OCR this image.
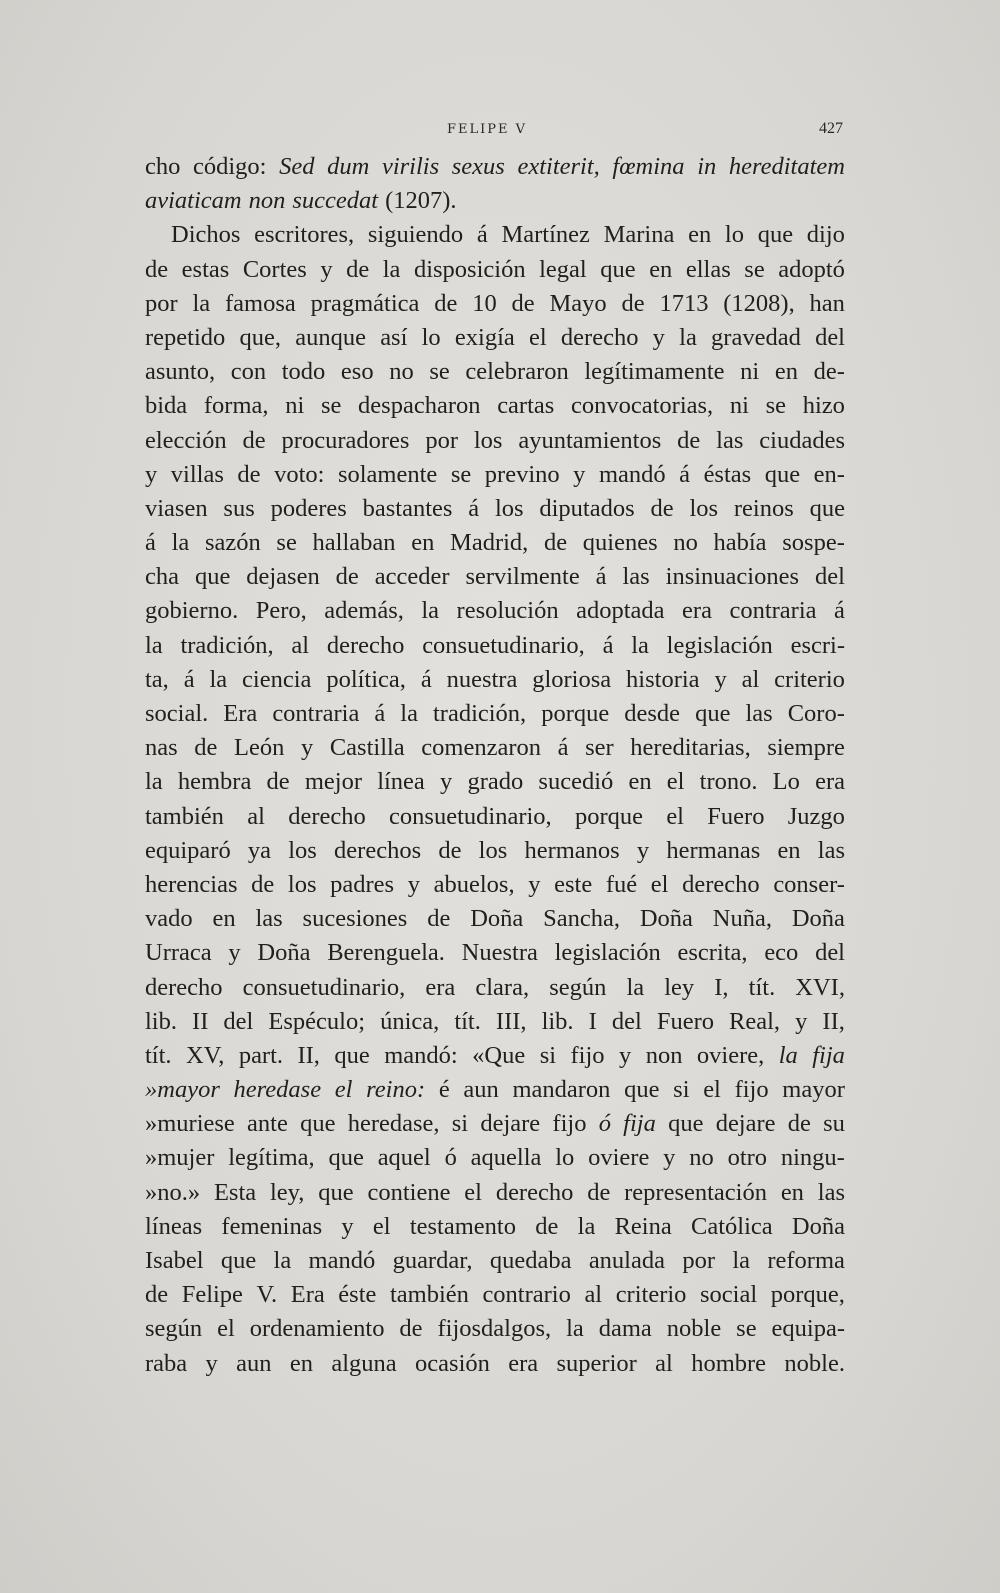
FELIPE V	427
cho código: Sed dum virilis sexus extiterit, fœmina in hereditatem
aviaticam non succedat (1207).
Dichos escritores, siguiendo á Martínez Marina en lo que dijo
de estas Cortes y de la disposición legal que en ellas se adoptó
por la famosa pragmática de 10 de Mayo de 1713 (1208), han
repetido que, aunque así lo exigía el derecho y la gravedad del
asunto, con todo eso no se celebraron legítimamente ni en de-
bida forma, ni se despacharon cartas convocatorias, ni se hizo
elección de procuradores por los ayuntamientos de las ciudades
y villas de voto: solamente se previno y mandó á éstas que en-
viasen sus poderes bastantes á los diputados de los reinos que
á la sazón se hallaban en Madrid, de quienes no había sospe-
cha que dejasen de acceder servilmente á las insinuaciones del
gobierno. Pero, además, la resolución adoptada era contraria á
la tradición, al derecho consuetudinario, á la legislación escri-
ta, á la ciencia política, á nuestra gloriosa historia y al criterio
social. Era contraria á la tradición, porque desde que las Coro-
nas de León y Castilla comenzaron á ser hereditarias, siempre
la hembra de mejor línea y grado sucedió en el trono. Lo era
también al derecho consuetudinario, porque el Fuero Juzgo
equiparó ya los derechos de los hermanos y hermanas en las
herencias de los padres y abuelos, y este fué el derecho conser-
vado en las sucesiones de Doña Sancha, Doña Nuña, Doña
Urraca y Doña Berenguela. Nuestra legislación escrita, eco del
derecho consuetudinario, era clara, según la ley I, tít. XVI,
lib. II del Espéculo; única, tít. III, lib. I del Fuero Real, y II,
tít. XV, part. II, que mandó: «Que si fijo y non oviere, la fija
»mayor heredase el reino: é aun mandaron que si el fijo mayor
»muriese ante que heredase, si dejare fijo ó fija que dejare de su
»mujer legítima, que aquel ó aquella lo oviere y no otro ningu-
»no.» Esta ley, que contiene el derecho de representación en las
líneas femeninas y el testamento de la Reina Católica Doña
Isabel que la mandó guardar, quedaba anulada por la reforma
de Felipe V. Era éste también contrario al criterio social porque,
según el ordenamiento de fijosdalgos, la dama noble se equipa-
raba y aun en alguna ocasión era superior al hombre noble.
